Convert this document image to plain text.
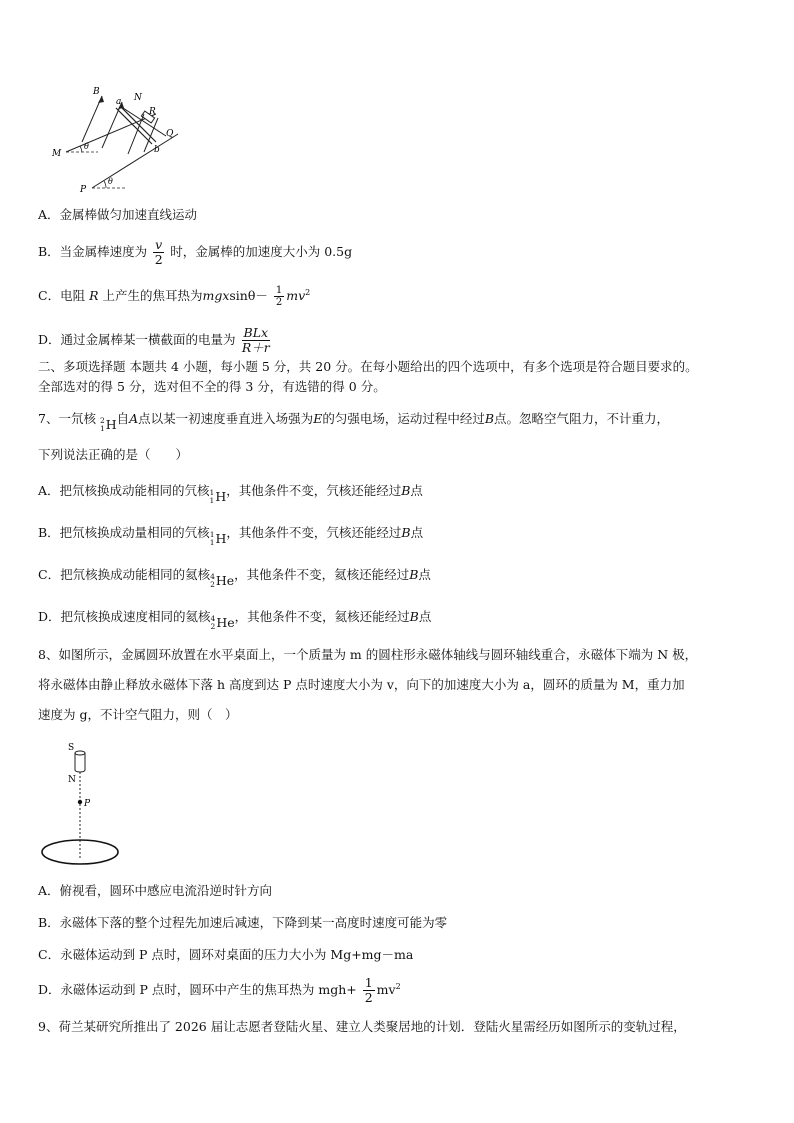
B
a N
R
Q
b
M
P
θ
θ
A．金属棒做匀加速直线运动
B．当金属棒速度为 $\frac{v}{2}$ 时，金属棒的加速度大小为 0.5g
C．电阻 R 上产生的焦耳热为$mgxsin\theta- \frac{1}{2} mv^2$
D．通过金属棒某一横截面的电量为 $\frac{\text{BLx}}{R+r}$
二、多项选择题 本题共 4 小题，每小题 5 分，共 20 分。在每小题给出的四个选项中，有多个选项是符合题目要求的。
全部选对的得 5 分，选对但不全的得 3 分，有选错的得 0 分。
7、一氘核 2
1 H 自A点以某一初速度垂直进入场强为E的匀强电场，运动过程中经过B点。忽略空气阻力，不计重力，
下列说法正确的是（　　）
A．把氘核换成动能相同的氕核 1
1 H ，其他条件不变，氕核还能经过B点
B．把氘核换成动量相同的氕核 1
1 H ，其他条件不变，氕核还能经过B点
C．把氘核换成动能相同的氦核 4
2 He ，其他条件不变，氦核还能经过B点
D．把氘核换成速度相同的氦核 4
2 He ，其他条件不变，氦核还能经过B点
8、如图所示，金属圆环放置在水平桌面上，一个质量为 m 的圆柱形永磁体轴线与圆环轴线重合，永磁体下端为 N 极，
将永磁体由静止释放永磁体下落 h 高度到达 P 点时速度大小为 v，向下的加速度大小为 a，圆环的质量为 M，重力加
速度为 g，不计空气阻力，则（　）
S
N
P
A．俯视看，圆环中感应电流沿逆时针方向
B．永磁体下落的整个过程先加速后减速，下降到某一高度时速度可能为零
C．永磁体运动到 P 点时，圆环对桌面的压力大小为 Mg+mg－ma
D．永磁体运动到 P 点时，圆环中产生的焦耳热为 $mgh+ \frac{1}{2} mv^2$
9、荷兰某研究所推出了 2026 届让志愿者登陆火星、建立人类聚居地的计划．登陆火星需经历如图所示的变轨过程，
